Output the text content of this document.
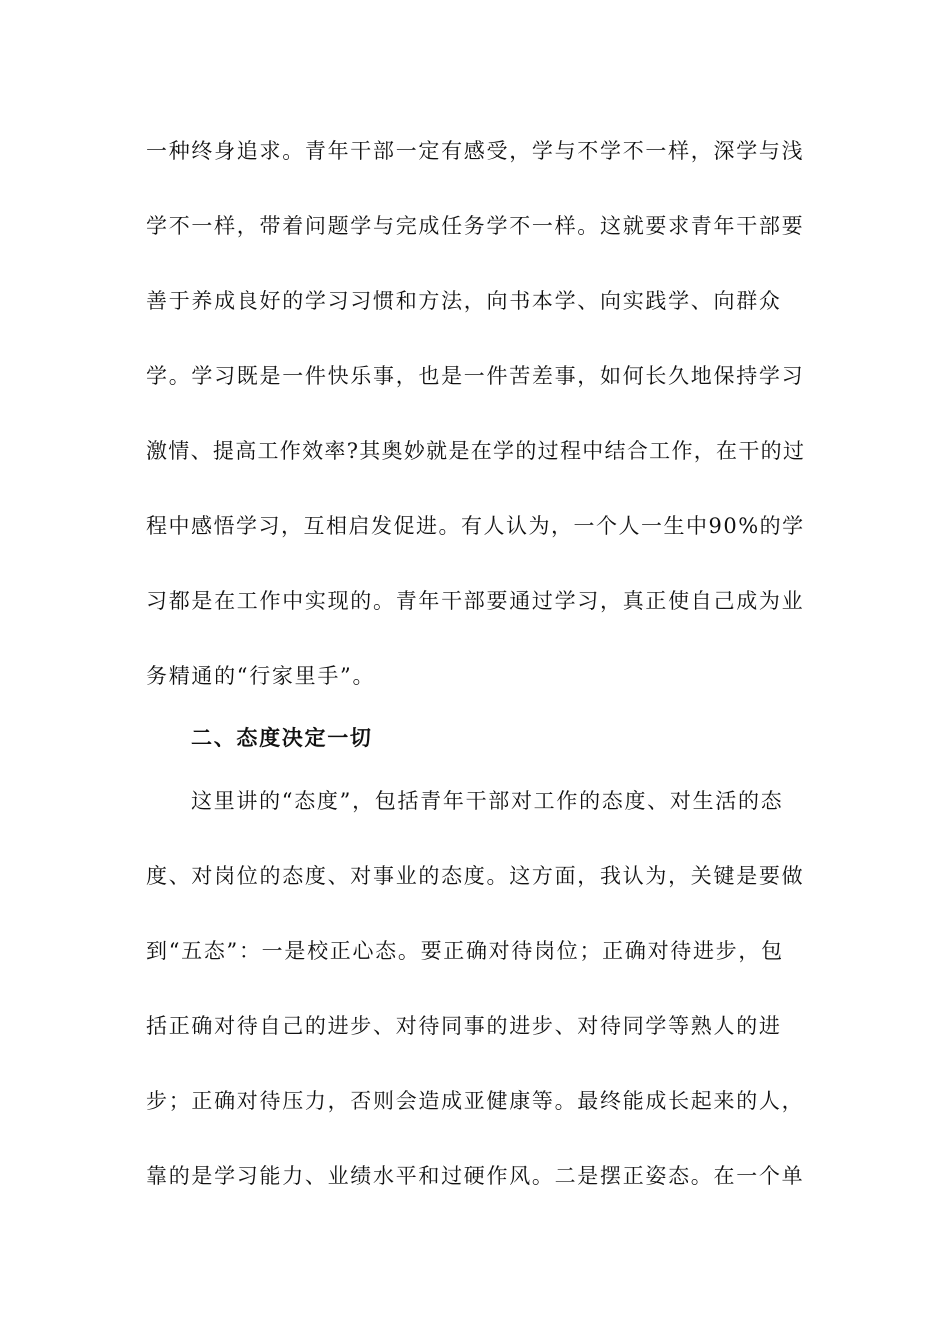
一种终身追求。青年干部一定有感受，学与不学不一样，深学与浅
学不一样，带着问题学与完成任务学不一样。这就要求青年干部要
善于养成良好的学习习惯和方法，向书本学、向实践学、向群众
学。学习既是一件快乐事，也是一件苦差事，如何长久地保持学习
激情、提高工作效率?其奥妙就是在学的过程中结合工作，在干的过
程中感悟学习，互相启发促进。有人认为，一个人一生中90%的学
习都是在工作中实现的。青年干部要通过学习，真正使自己成为业
务精通的“行家里手”。
二、态度决定一切
这里讲的“态度”，包括青年干部对工作的态度、对生活的态
度、对岗位的态度、对事业的态度。这方面，我认为，关键是要做
到“五态”：一是校正心态。要正确对待岗位；正确对待进步，包
括正确对待自己的进步、对待同事的进步、对待同学等熟人的进
步；正确对待压力，否则会造成亚健康等。最终能成长起来的人，
靠的是学习能力、业绩水平和过硬作风。二是摆正姿态。在一个单
